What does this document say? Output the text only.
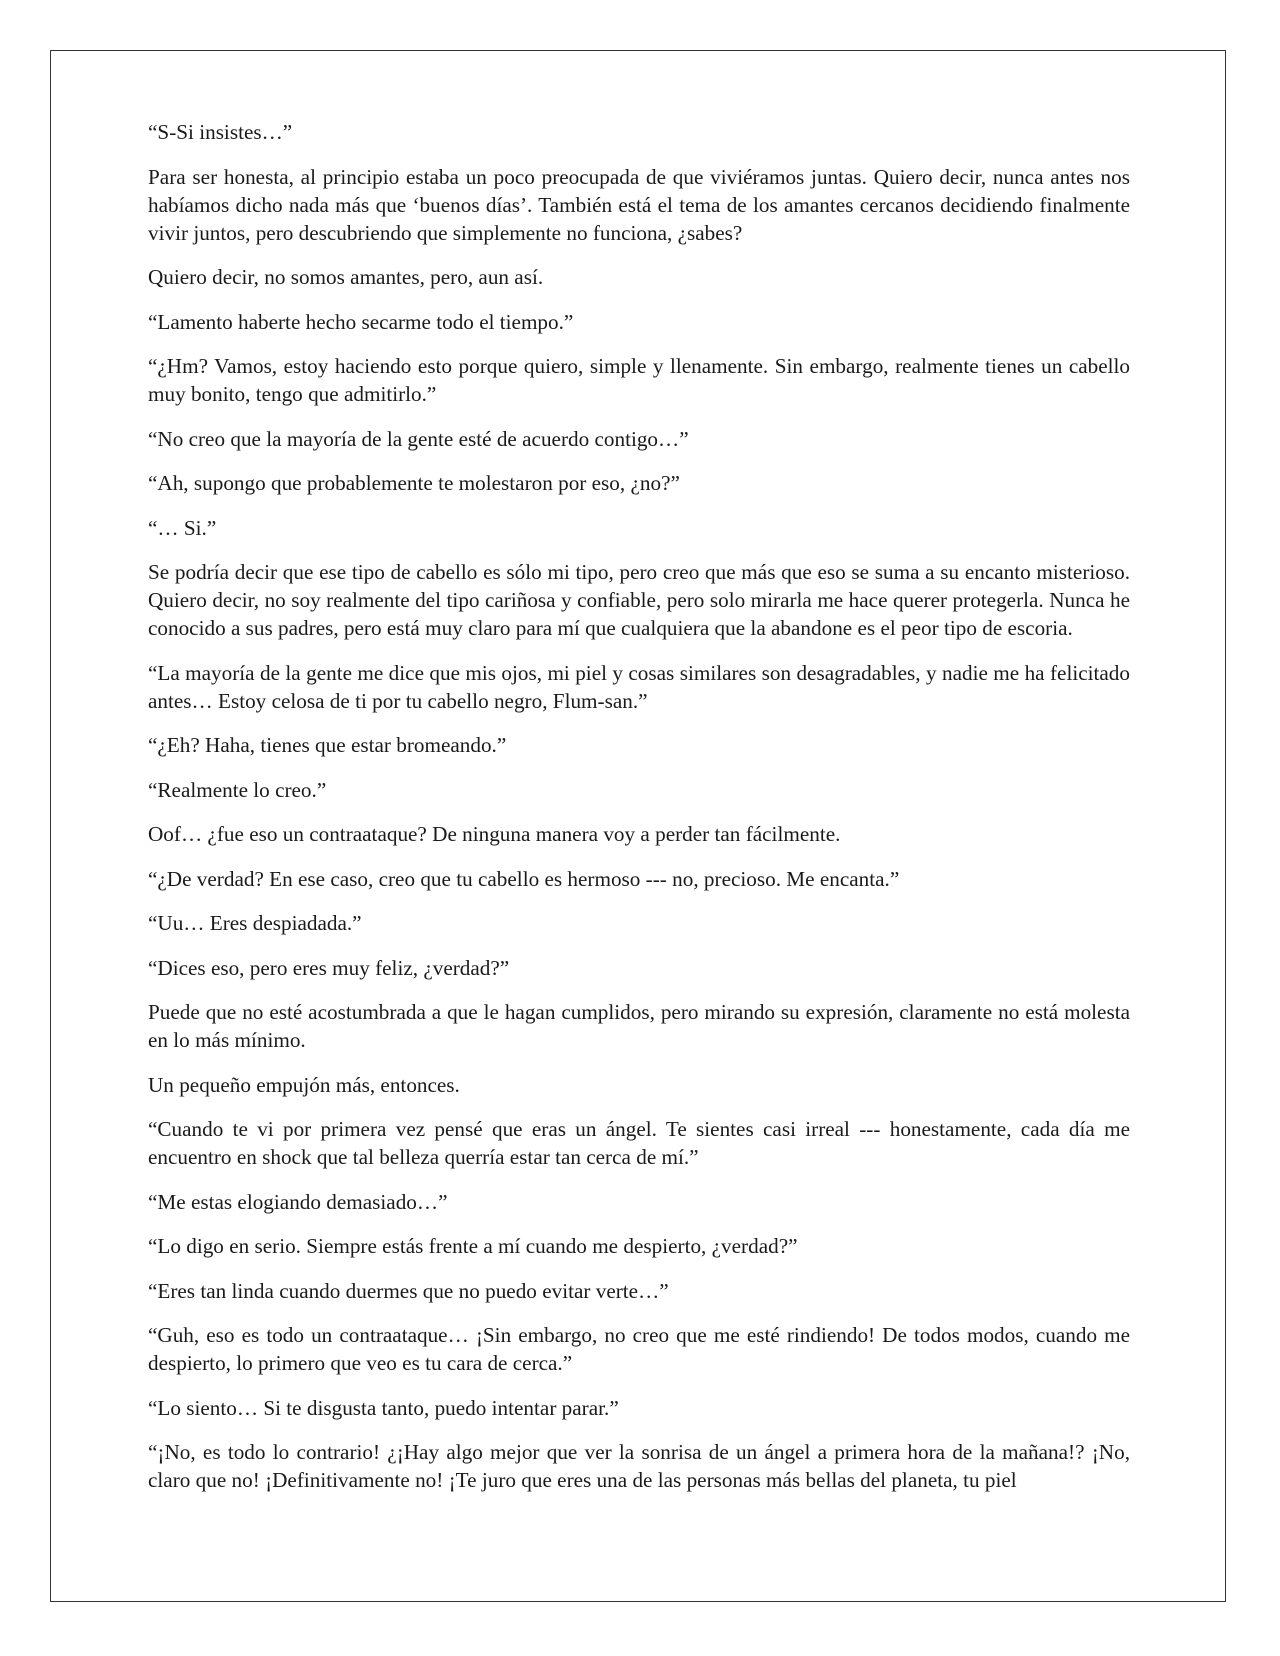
“S-Si insistes…”

Para ser honesta, al principio estaba un poco preocupada de que viviéramos juntas. Quiero decir, nunca antes nos habíamos dicho nada más que ‘buenos días’. También está el tema de los amantes cercanos decidiendo finalmente vivir juntos, pero descubriendo que simplemente no funciona, ¿sabes?

Quiero decir, no somos amantes, pero, aun así.

“Lamento haberte hecho secarme todo el tiempo.”

“¿Hm? Vamos, estoy haciendo esto porque quiero, simple y llenamente. Sin embargo, realmente tienes un cabello muy bonito, tengo que admitirlo.”

“No creo que la mayoría de la gente esté de acuerdo contigo…”

“Ah, supongo que probablemente te molestaron por eso, ¿no?”

“… Si.”

Se podría decir que ese tipo de cabello es sólo mi tipo, pero creo que más que eso se suma a su encanto misterioso. Quiero decir, no soy realmente del tipo cariñosa y confiable, pero solo mirarla me hace querer protegerla. Nunca he conocido a sus padres, pero está muy claro para mí que cualquiera que la abandone es el peor tipo de escoria.

“La mayoría de la gente me dice que mis ojos, mi piel y cosas similares son desagradables, y nadie me ha felicitado antes… Estoy celosa de ti por tu cabello negro, Flum-san.”

“¿Eh? Haha, tienes que estar bromeando.”

“Realmente lo creo.”

Oof… ¿fue eso un contraataque? De ninguna manera voy a perder tan fácilmente.

“¿De verdad? En ese caso, creo que tu cabello es hermoso --- no, precioso. Me encanta.”

“Uu… Eres despiadada.”

“Dices eso, pero eres muy feliz, ¿verdad?”

Puede que no esté acostumbrada a que le hagan cumplidos, pero mirando su expresión, claramente no está molesta en lo más mínimo.

Un pequeño empujón más, entonces.

“Cuando te vi por primera vez pensé que eras un ángel. Te sientes casi irreal --- honestamente, cada día me encuentro en shock que tal belleza querría estar tan cerca de mí.”

“Me estas elogiando demasiado…”

“Lo digo en serio. Siempre estás frente a mí cuando me despierto, ¿verdad?”

“Eres tan linda cuando duermes que no puedo evitar verte…”

“Guh, eso es todo un contraataque… ¡Sin embargo, no creo que me esté rindiendo! De todos modos, cuando me despierto, lo primero que veo es tu cara de cerca.”

“Lo siento… Si te disgusta tanto, puedo intentar parar.”

“¡No, es todo lo contrario! ¿¡Hay algo mejor que ver la sonrisa de un ángel a primera hora de la mañana!? ¡No, claro que no! ¡Definitivamente no! ¡Te juro que eres una de las personas más bellas del planeta, tu piel
